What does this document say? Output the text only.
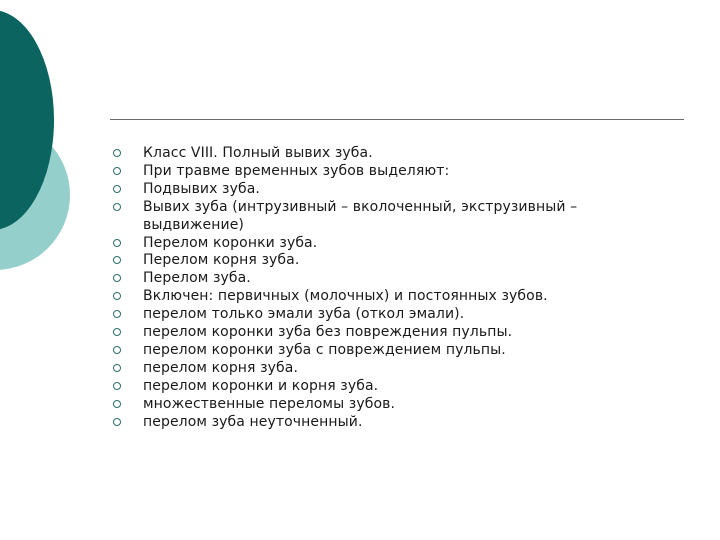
Класс VIII. Полный вывих зуба.
При травме временных зубов выделяют:
Подвывих зуба.
Вывих зуба (интрузивный – вколоченный, экструзивный – выдвижение)
Перелом коронки зуба.
Перелом корня зуба.
Перелом зуба.
Включен: первичных (молочных) и постоянных зубов.
перелом только эмали зуба (откол эмали).
перелом коронки зуба без повреждения пульпы.
перелом коронки зуба с повреждением пульпы.
перелом корня зуба.
перелом коронки и корня зуба.
множественные переломы зубов.
перелом зуба неуточненный.
